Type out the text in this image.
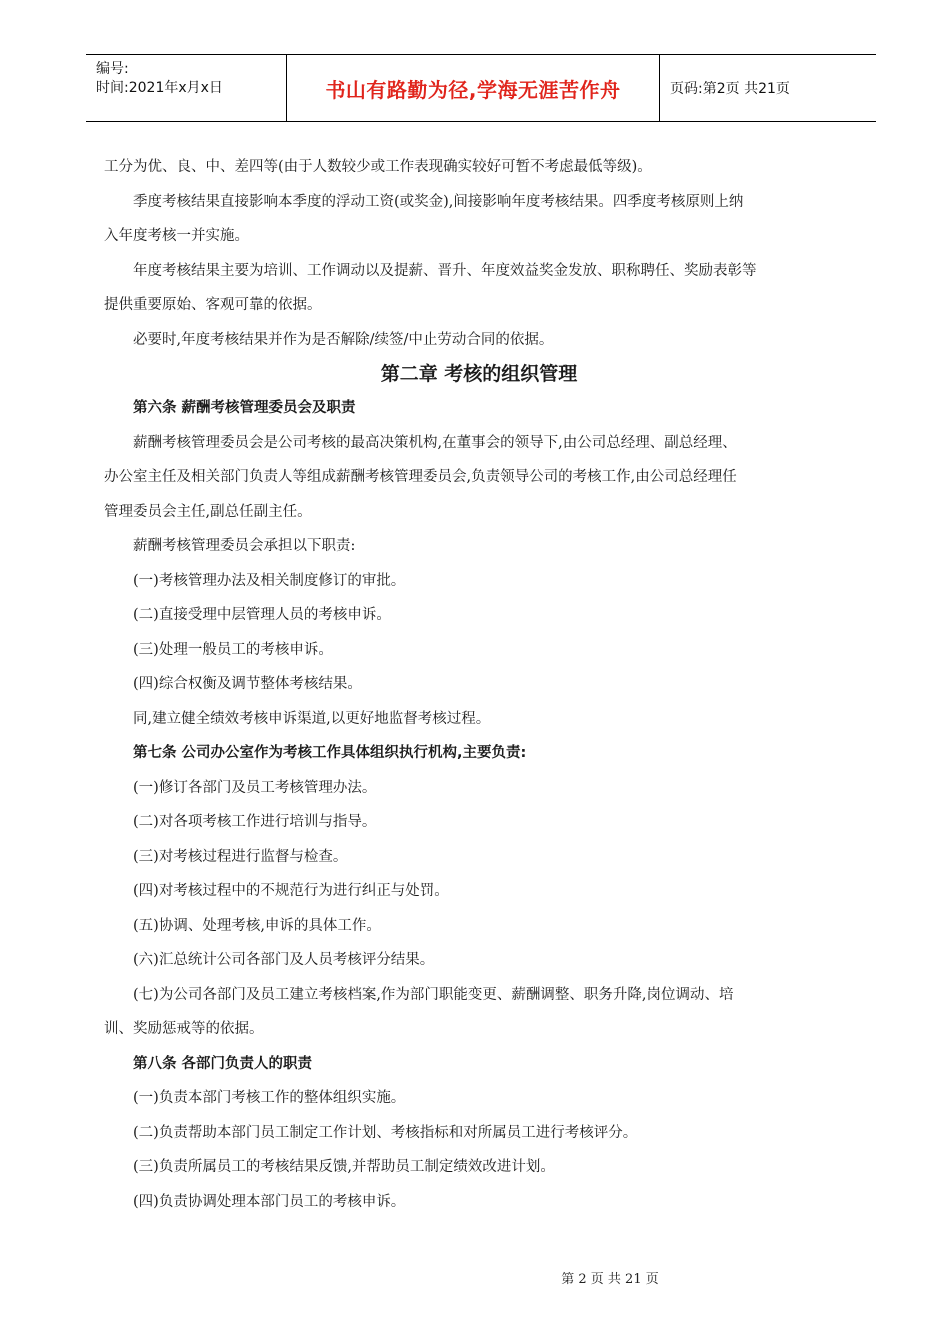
编号:
时间:2021年x月x日	书山有路勤为径,学海无涯苦作舟	页码:第2页 共21页

工分为优、良、中、差四等(由于人数较少或工作表现确实较好可暂不考虑最低等级)。

季度考核结果直接影响本季度的浮动工资(或奖金),间接影响年度考核结果。四季度考核原则上纳

入年度考核一并实施。

年度考核结果主要为培训、工作调动以及提薪、晋升、年度效益奖金发放、职称聘任、奖励表彰等

提供重要原始、客观可靠的依据。

必要时,年度考核结果并作为是否解除/续签/中止劳动合同的依据。

第二章 考核的组织管理

第六条 薪酬考核管理委员会及职责

薪酬考核管理委员会是公司考核的最高决策机构,在董事会的领导下,由公司总经理、副总经理、

办公室主任及相关部门负责人等组成薪酬考核管理委员会,负责领导公司的考核工作,由公司总经理任

管理委员会主任,副总任副主任。

薪酬考核管理委员会承担以下职责:

(一)考核管理办法及相关制度修订的审批。

(二)直接受理中层管理人员的考核申诉。

(三)处理一般员工的考核申诉。

(四)综合权衡及调节整体考核结果。

同,建立健全绩效考核申诉渠道,以更好地监督考核过程。

第七条 公司办公室作为考核工作具体组织执行机构,主要负责:

(一)修订各部门及员工考核管理办法。

(二)对各项考核工作进行培训与指导。

(三)对考核过程进行监督与检查。

(四)对考核过程中的不规范行为进行纠正与处罚。

(五)协调、处理考核,申诉的具体工作。

(六)汇总统计公司各部门及人员考核评分结果。

(七)为公司各部门及员工建立考核档案,作为部门职能变更、薪酬调整、职务升降,岗位调动、培

训、奖励惩戒等的依据。

第八条 各部门负责人的职责

(一)负责本部门考核工作的整体组织实施。

(二)负责帮助本部门员工制定工作计划、考核指标和对所属员工进行考核评分。

(三)负责所属员工的考核结果反馈,并帮助员工制定绩效改进计划。

(四)负责协调处理本部门员工的考核申诉。

第 2 页 共 21 页
